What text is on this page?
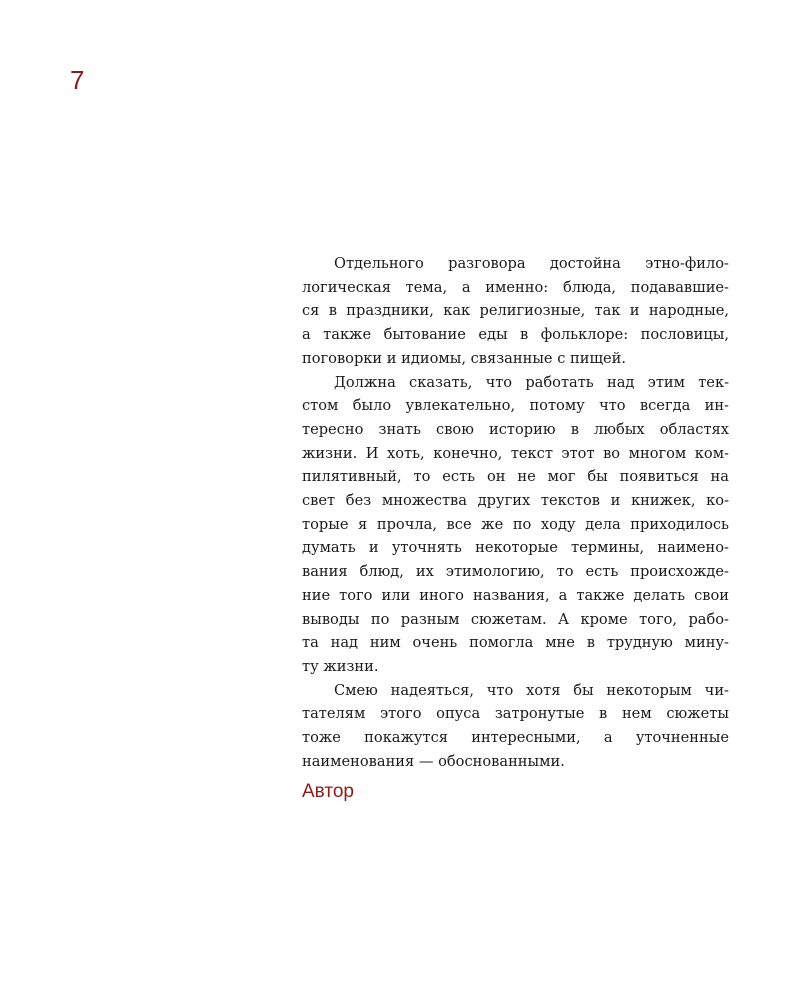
7
Отдельного разговора достойна этно-фило-
логическая тема, а именно: блюда, подававшие-
ся в праздники, как религиозные, так и народные,
а также бытование еды в фольклоре: пословицы,
поговорки и идиомы, связанные с пищей.
Должна сказать, что работать над этим тек-
стом было увлекательно, потому что всегда ин-
тересно знать свою историю в любых областях
жизни. И хоть, конечно, текст этот во многом ком-
пилятивный, то есть он не мог бы появиться на
свет без множества других текстов и книжек, ко-
торые я прочла, все же по ходу дела приходилось
думать и уточнять некоторые термины, наимено-
вания блюд, их этимологию, то есть происхожде-
ние того или иного названия, а также делать свои
выводы по разным сюжетам. А кроме того, рабо-
та над ним очень помогла мне в трудную мину-
ту жизни.
Смею надеяться, что хотя бы некоторым чи-
тателям этого опуса затронутые в нем сюжеты
тоже покажутся интересными, а уточненные
наименования — обоснованными.
Автор
